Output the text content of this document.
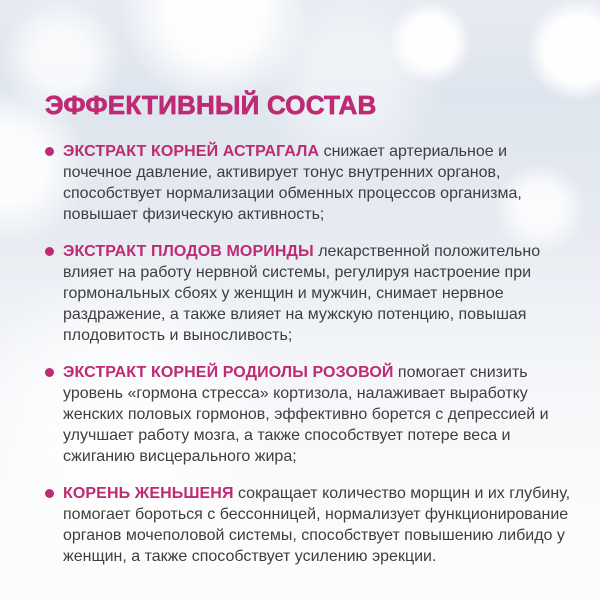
ЭФФЕКТИВНЫЙ СОСТАВ

ЭКСТРАКТ КОРНЕЙ АСТРАГАЛА снижает артериальное и почечное давление, активирует тонус внутренних органов, способствует нормализации обменных процессов организма, повышает физическую активность;

ЭКСТРАКТ ПЛОДОВ МОРИНДЫ лекарственной положительно влияет на работу нервной системы, регулируя настроение при гормональных сбоях у женщин и мужчин, снимает нервное раздражение, а также влияет на мужскую потенцию, повышая плодовитость и выносливость;

ЭКСТРАКТ КОРНЕЙ РОДИОЛЫ РОЗОВОЙ помогает снизить уровень «гормона стресса» кортизола, налаживает выработку женских половых гормонов, эффективно борется с депрессией и улучшает работу мозга, а также способствует потере веса и сжиганию висцерального жира;

КОРЕНЬ ЖЕНЬШЕНЯ сокращает количество морщин и их глубину, помогает бороться с бессонницей, нормализует функционирование органов мочеполовой системы, способствует повышению либидо у женщин, а также способствует усилению эрекции.
